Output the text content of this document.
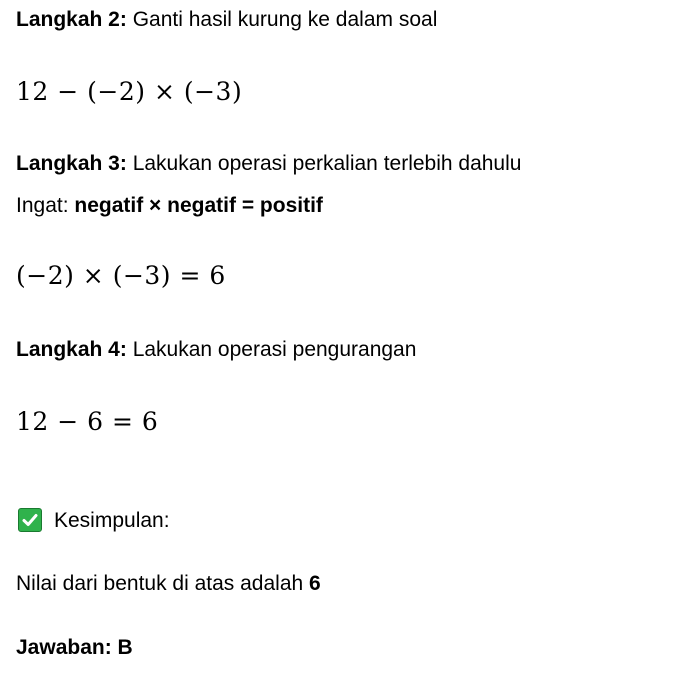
Langkah 2: Ganti hasil kurung ke dalam soal
12 − (−2) × (−3)
Langkah 3: Lakukan operasi perkalian terlebih dahulu
Ingat: negatif × negatif = positif
(−2) × (−3) = 6
Langkah 4: Lakukan operasi pengurangan
12 − 6 = 6
Kesimpulan:
Nilai dari bentuk di atas adalah 6
Jawaban: B
